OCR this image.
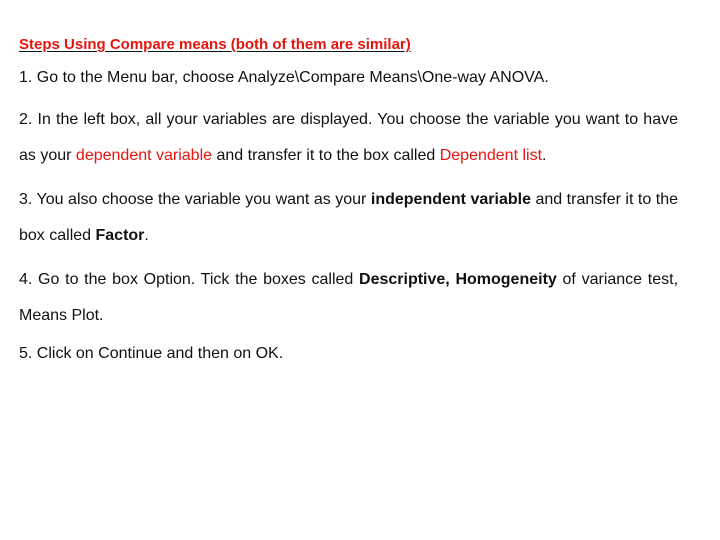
Steps Using Compare means (both of them are similar)

1. Go to the Menu bar, choose Analyze\Compare Means\One-way ANOVA.

2. In the left box, all your variables are displayed. You choose the variable you want to have as your dependent variable and transfer it to the box called Dependent list.

3. You also choose the variable you want as your independent variable and transfer it to the box called Factor.

4. Go to the box Option. Tick the boxes called Descriptive, Homogeneity of variance test, Means Plot.

5. Click on Continue and then on OK.
